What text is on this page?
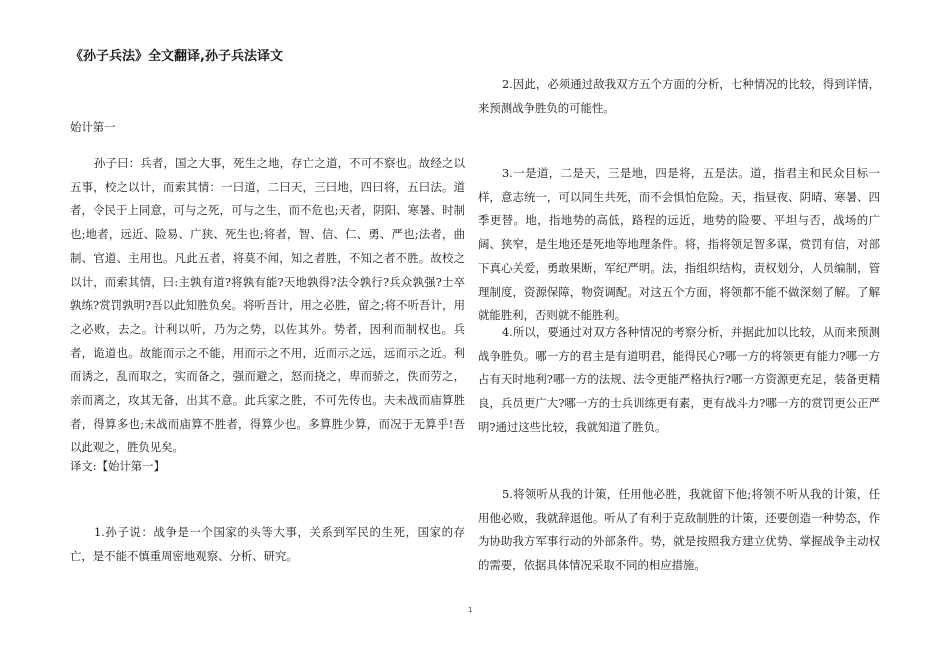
《孙子兵法》全文翻译,孙子兵法译文
始计第一
孙子曰：兵者，国之大事，死生之地，存亡之道，不可不察也。故经之以五事，校之以计，而索其情：一曰道，二曰天，三曰地，四曰将，五曰法。道者，令民于上同意，可与之死，可与之生，而不危也;天者，阴阳、寒暑、时制也;地者，远近、险易、广狭、死生也;将者，智、信、仁、勇、严也;法者，曲制、官道、主用也。凡此五者，将莫不闻，知之者胜，不知之者不胜。故校之以计，而索其情，曰:主孰有道?将孰有能?天地孰得?法令孰行?兵众孰强?士卒孰练?赏罚孰明?吾以此知胜负矣。将听吾计，用之必胜，留之;将不听吾计，用之必败，去之。计利以听，乃为之势，以佐其外。势者，因利而制权也。兵者，诡道也。故能而示之不能，用而示之不用，近而示之远，远而示之近。利而诱之，乱而取之，实而备之，强而避之，怒而挠之，卑而骄之，佚而劳之，亲而离之，攻其无备，出其不意。此兵家之胜，不可先传也。夫未战而庙算胜者，得算多也;未战而庙算不胜者，得算少也。多算胜少算，而况于无算乎!吾以此观之，胜负见矣。
译文:【始计第一】
1.孙子说：战争是一个国家的头等大事，关系到军民的生死，国家的存亡，是不能不慎重周密地观察、分析、研究。
2.因此，必须通过敌我双方五个方面的分析，七种情况的比较，得到详情，来预测战争胜负的可能性。
3.一是道，二是天，三是地，四是将，五是法。道，指君主和民众目标一样，意志统一，可以同生共死，而不会惧怕危险。天，指昼夜、阴晴、寒暑、四季更替。地，指地势的高低，路程的远近，地势的险要、平坦与否，战场的广阔、狭窄，是生地还是死地等地理条件。将，指将领足智多谋，赏罚有信，对部下真心关爱，勇敢果断，军纪严明。法，指组织结构，责权划分，人员编制，管理制度，资源保障，物资调配。对这五个方面，将领都不能不做深刻了解。了解就能胜利，否则就不能胜利。
4.所以，要通过对双方各种情况的考察分析，并据此加以比较，从而来预测战争胜负。哪一方的君主是有道明君，能得民心?哪一方的将领更有能力?哪一方占有天时地利?哪一方的法规、法令更能严格执行?哪一方资源更充足，装备更精良，兵员更广大?哪一方的士兵训练更有素，更有战斗力?哪一方的赏罚更公正严明?通过这些比较，我就知道了胜负。
5.将领听从我的计策，任用他必胜，我就留下他;将领不听从我的计策，任用他必败，我就辞退他。听从了有利于克敌制胜的计策，还要创造一种势态，作为协助我方军事行动的外部条件。势，就是按照我方建立优势、掌握战争主动权的需要，依据具体情况采取不同的相应措施。
1
